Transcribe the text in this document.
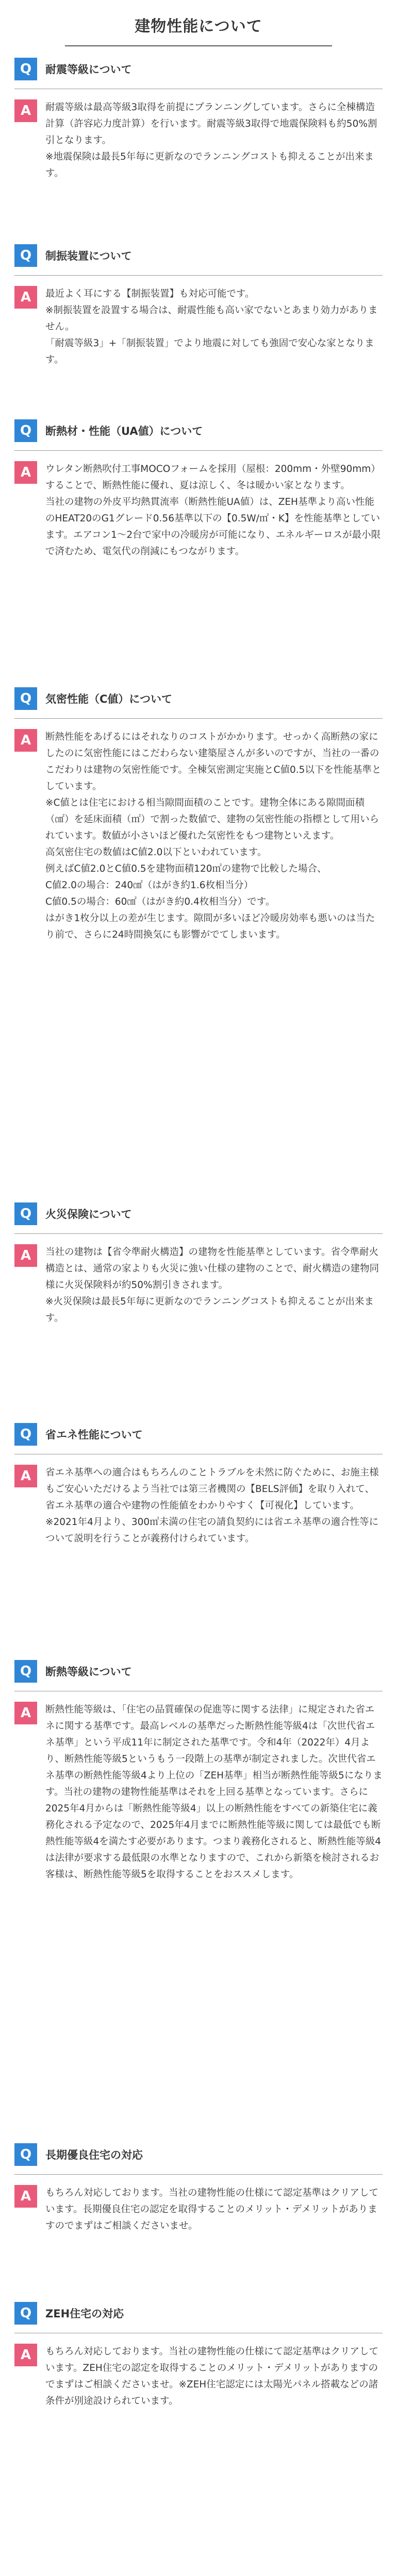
建物性能について
Q	耐震等級について
A	耐震等級は最高等級3取得を前提にプランニングしています。さらに全棟構造計算（許容応力度計算）を行います。耐震等級3取得で地震保険料も約50%割引となります。

※地震保険は最長5年毎に更新なのでランニングコストも抑えることが出来ます。

Q	制振装置について
A	最近よく耳にする【制振装置】も対応可能です。

※制振装置を設置する場合は、耐震性能も高い家でないとあまり効力がありません。

「耐震等級3」+「制振装置」でより地震に対しても強固で安心な家となります。

Q	断熱材・性能（UA値）について
A	ウレタン断熱吹付工事MOCOフォームを採用（屋根：200mm・外壁90mm）することで、断熱性能に優れ、夏は涼しく、冬は暖かい家となります。

当社の建物の外皮平均熱貫流率（断熱性能UA値）は、ZEH基準より高い性能のHEAT20のG1グレード0.56基準以下の【0.5W/㎡・K】を性能基準としています。エアコン1〜2台で家中の冷暖房が可能になり、エネルギーロスが最小限で済むため、電気代の削減にもつながります。

Q	気密性能（C値）について
A	断熱性能をあげるにはそれなりのコストがかかります。せっかく高断熱の家にしたのに気密性能にはこだわらない建築屋さんが多いのですが、当社の一番のこだわりは建物の気密性能です。全棟気密測定実施とC値0.5以下を性能基準としています。

※C値とは住宅における相当隙間面積のことです。建物全体にある隙間面積（㎠）を延床面積（㎡）で割った数値で、建物の気密性能の指標として用いられています。数値が小さいほど優れた気密性をもつ建物といえます。

高気密住宅の数値はC値2.0以下といわれています。

例えばC値2.0とC値0.5を建物面積120㎡の建物で比較した場合、

C値2.0の場合：240㎠（はがき約1.6枚相当分）

C値0.5の場合：60㎠（はがき約0.4枚相当分）です。

はがき1枚分以上の差が生じます。隙間が多いほど冷暖房効率も悪いのは当たり前で、さらに24時間換気にも影響がでてしまいます。

Q	火災保険について
A	当社の建物は【省令準耐火構造】の建物を性能基準としています。省令準耐火構造とは、通常の家よりも火災に強い仕様の建物のことで、耐火構造の建物同様に火災保険料が約50%割引きされます。

※火災保険は最長5年毎に更新なのでランニングコストも抑えることが出来ます。

Q	省エネ性能について
A	省エネ基準への適合はもちろんのことトラブルを未然に防ぐために、お施主様もご安心いただけるよう当社では第三者機関の【BELS評価】を取り入れて、省エネ基準の適合や建物の性能値をわかりやすく【可視化】しています。

※2021年4月より、300㎡未満の住宅の請負契約には省エネ基準の適合性等について説明を行うことが義務付けられています。

Q	断熱等級について
A	断熱性能等級は、「住宅の品質確保の促進等に関する法律」に規定された省エネに関する基準です。最高レベルの基準だった断熱性能等級4は「次世代省エネ基準」という平成11年に制定された基準です。令和4年（2022年）4月より、断熱性能等級5というもう一段階上の基準が制定されました。次世代省エネ基準の断熱性能等級4より上位の「ZEH基準」相当が断熱性能等級5になります。当社の建物の建物性能基準はそれを上回る基準となっています。さらに2025年4月からは「断熱性能等級4」以上の断熱性能をすべての新築住宅に義務化される予定なので、2025年4月までに断熱性能等級に関しては最低でも断熱性能等級4を満たす必要があります。つまり義務化されると、断熱性能等級4は法律が要求する最低限の水準となりますので、これから新築を検討されるお客様は、断熱性能等級5を取得することをおススメします。

Q	長期優良住宅の対応
A	もちろん対応しております。当社の建物性能の仕様にて認定基準はクリアしています。長期優良住宅の認定を取得することのメリット・デメリットがありますのでまずはご相談くださいませ。

Q	ZEH住宅の対応
A	もちろん対応しております。当社の建物性能の仕様にて認定基準はクリアしています。ZEH住宅の認定を取得することのメリット・デメリットがありますのでまずはご相談くださいませ。※ZEH住宅認定には太陽光パネル搭載などの諸条件が別途設けられています。
